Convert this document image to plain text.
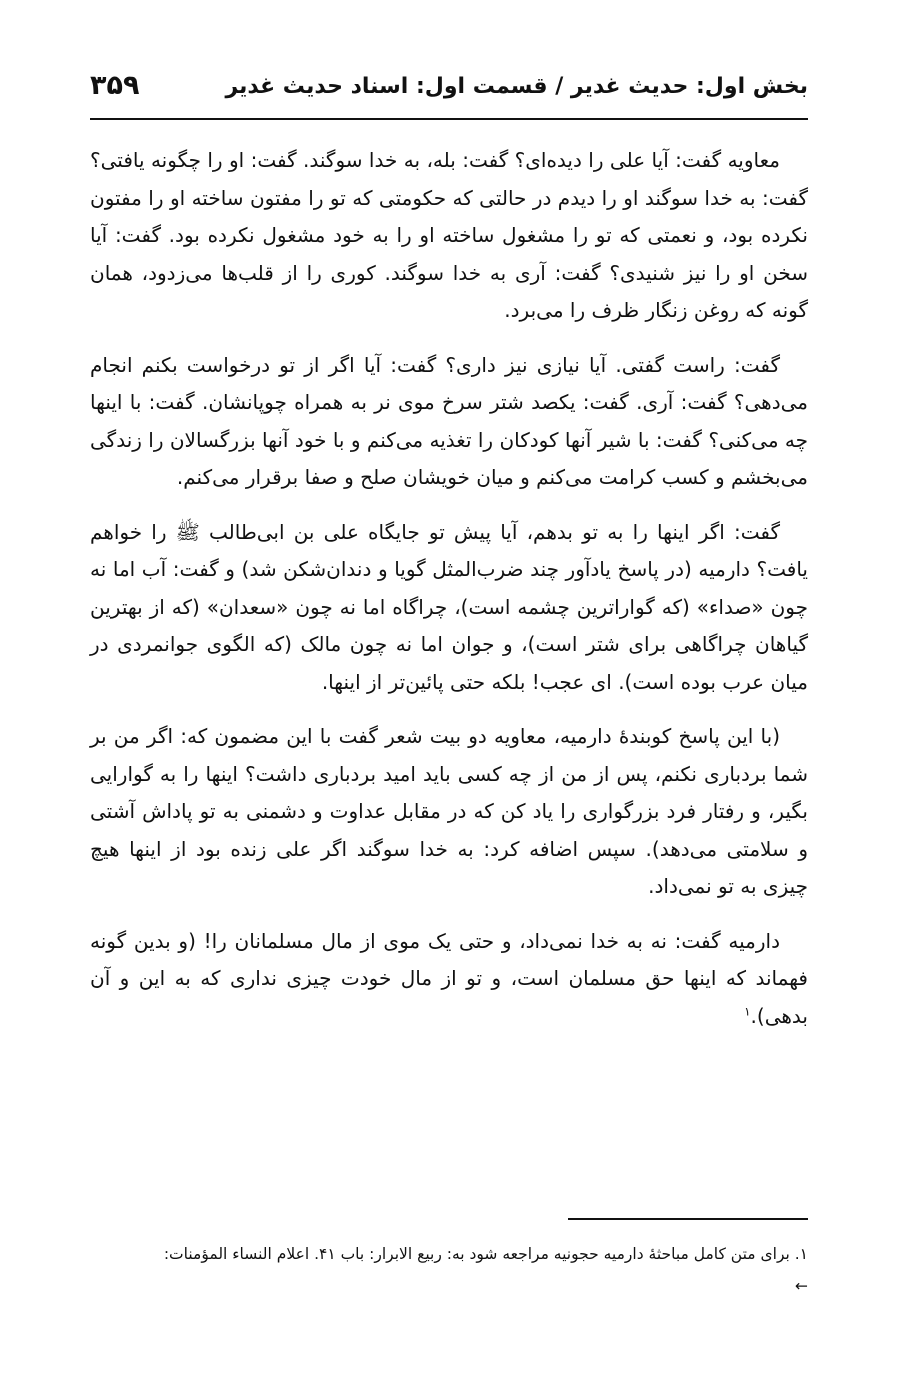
بخش اول: حدیث غدیر / قسمت اول: اسناد حدیث غدیر
۳۵۹

معاویه گفت: آیا علی را دیده‌ای؟ گفت: بله، به خدا سوگند. گفت: او را چگونه یافتی؟ گفت: به خدا سوگند او را دیدم در حالتی که حکومتی که تو را مفتون ساخته او را مفتون نکرده بود، و نعمتی که تو را مشغول ساخته او را به خود مشغول نکرده بود. گفت: آیا سخن او را نیز شنیدی؟ گفت: آری به خدا سوگند. کوری را از قلب‌ها می‌زدود، همان گونه که روغن زنگار ظرف را می‌برد.

گفت: راست گفتی. آیا نیازی نیز داری؟ گفت: آیا اگر از تو درخواست بکنم انجام می‌دهی؟ گفت: آری. گفت: یکصد شتر سرخ موی نر به همراه چوپانشان. گفت: با اینها چه می‌کنی؟ گفت: با شیر آنها کودکان را تغذیه می‌کنم و با خود آنها بزرگسالان را زندگی می‌بخشم و کسب کرامت می‌کنم و میان خویشان صلح و صفا برقرار می‌کنم.

گفت: اگر اینها را به تو بدهم، آیا پیش تو جایگاه علی بن ابی‌طالب ﷺ را خواهم یافت؟ دارمیه (در پاسخ یادآور چند ضرب‌المثل گویا و دندان‌شکن شد) و گفت: آب اما نه چون «صداء» (که گواراترین چشمه است)، چراگاه اما نه چون «سعدان» (که از بهترین گیاهان چراگاهی برای شتر است)، و جوان اما نه چون مالک (که الگوی جوانمردی در میان عرب بوده است). ای عجب! بلکه حتی پائین‌تر از اینها.

(با این پاسخ کوبندهٔ دارمیه، معاویه دو بیت شعر گفت با این مضمون که: اگر من بر شما بردباری نکنم، پس از من از چه کسی باید امید بردباری داشت؟ اینها را به گوارایی بگیر، و رفتار فرد بزرگواری را یاد کن که در مقابل عداوت و دشمنی به تو پاداش آشتی و سلامتی می‌دهد). سپس اضافه کرد: به خدا سوگند اگر علی زنده بود از اینها هیچ چیزی به تو نمی‌داد.

دارمیه گفت: نه به خدا نمی‌داد، و حتی یک موی از مال مسلمانان را! (و بدین گونه فهماند که اینها حق مسلمان است، و تو از مال خودت چیزی نداری که به این و آن بدهی).$^۱$

۱. برای متن کامل مباحثهٔ دارمیه حجونیه مراجعه شود به: ربیع الابرار: باب ۴۱. اعلام النساء المؤمنات:
←
